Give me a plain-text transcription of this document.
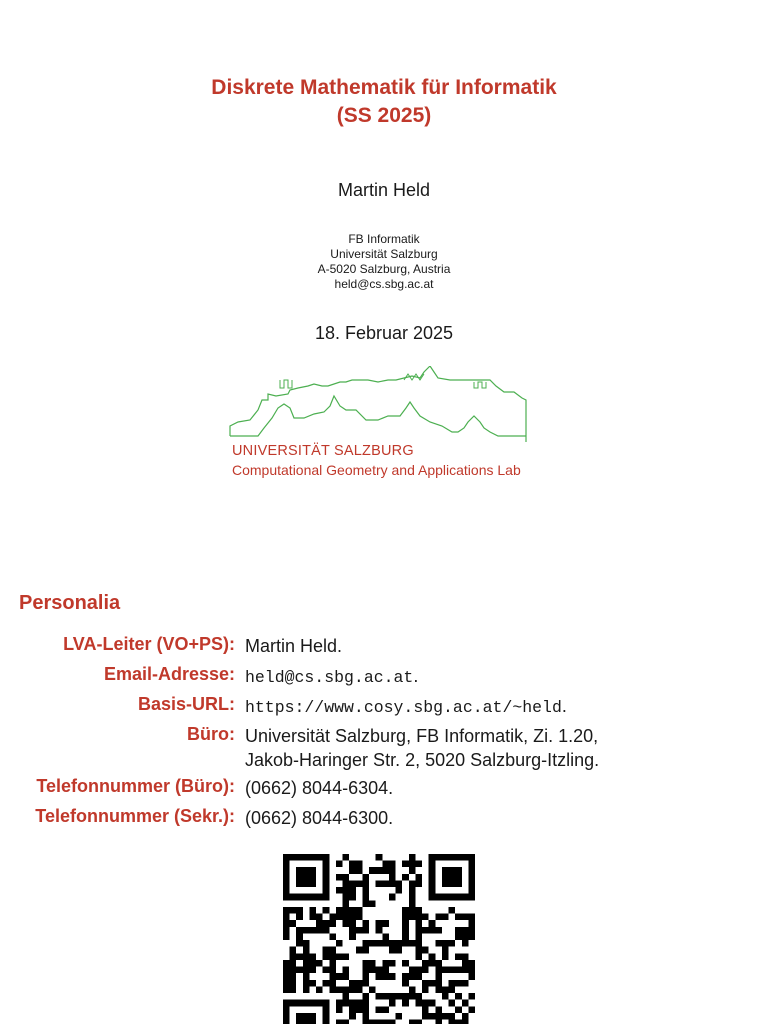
Diskrete Mathematik für Informatik
(SS 2025)
Martin Held
FB Informatik
Universität Salzburg
A-5020 Salzburg, Austria
held@cs.sbg.ac.at
18. Februar 2025
UNIVERSITÄT SALZBURG
Computational Geometry and Applications Lab
Personalia
LVA-Leiter (VO+PS): Martin Held.
Email-Adresse: held@cs.sbg.ac.at.
Basis-URL: https://www.cosy.sbg.ac.at/~held.
Büro: Universität Salzburg, FB Informatik, Zi. 1.20,
Jakob-Haringer Str. 2, 5020 Salzburg-Itzling.
Telefonnummer (Büro): (0662) 8044-6304.
Telefonnummer (Sekr.): (0662) 8044-6300.
